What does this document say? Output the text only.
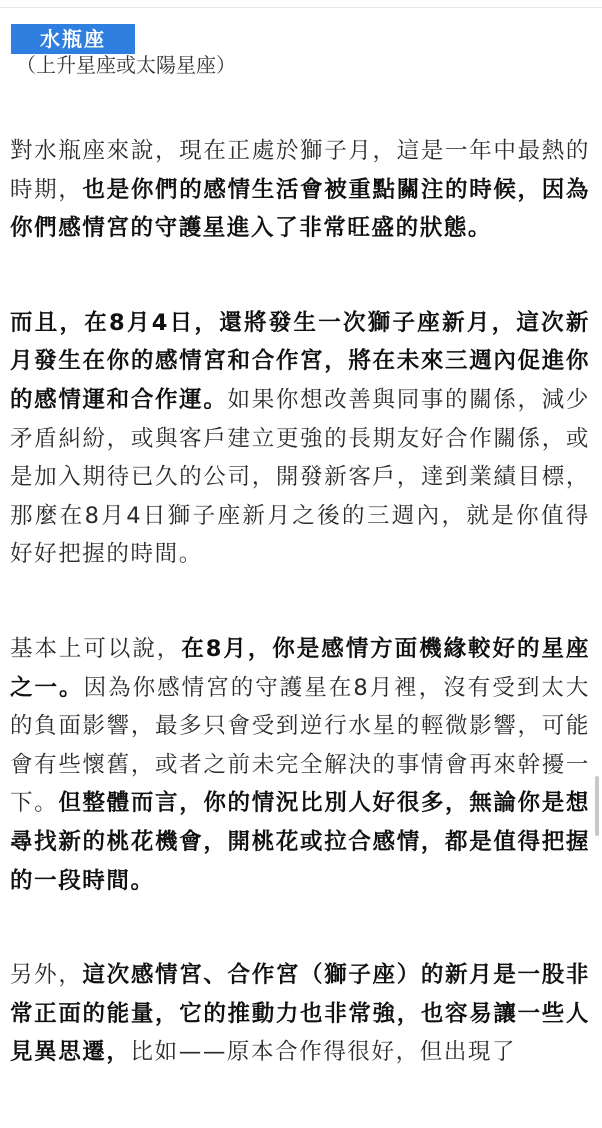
水瓶座
（上升星座或太陽星座）

對水瓶座來說，現在正處於獅子月，這是一年中最熱的時期，也是你們的感情生活會被重點關注的時候，因為你們感情宮的守護星進入了非常旺盛的狀態。

而且，在8月4日，還將發生一次獅子座新月，這次新月發生在你的感情宮和合作宮，將在未來三週內促進你的感情運和合作運。如果你想改善與同事的關係，減少矛盾糾紛，或與客戶建立更強的長期友好合作關係，或是加入期待已久的公司，開發新客戶，達到業績目標，那麼在8月4日獅子座新月之後的三週內，就是你值得好好把握的時間。

基本上可以說，在8月，你是感情方面機緣較好的星座之一。因為你感情宮的守護星在8月裡，沒有受到太大的負面影響，最多只會受到逆行水星的輕微影響，可能會有些懷舊，或者之前未完全解決的事情會再來幹擾一下。但整體而言，你的情況比別人好很多，無論你是想尋找新的桃花機會，開桃花或拉合感情，都是值得把握的一段時間。

另外，這次感情宮、合作宮（獅子座）的新月是一股非常正面的能量，它的推動力也非常強，也容易讓一些人見異思遷，比如——原本合作得很好，但出現了
